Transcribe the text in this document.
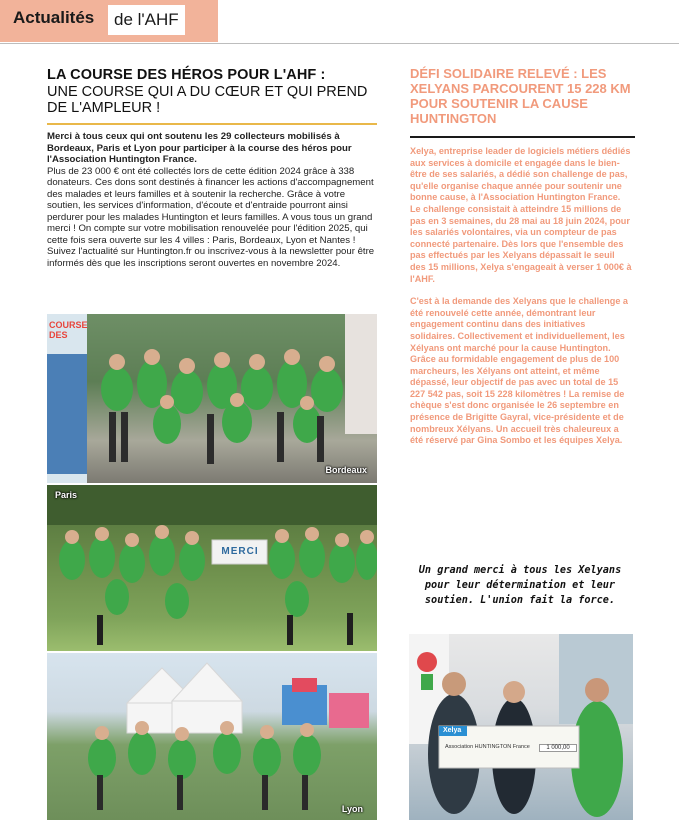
Actualités	de l'AHF
LA COURSE DES HÉROS POUR L'AHF :
UNE COURSE QUI A DU CŒUR ET QUI PREND DE L'AMPLEUR !
Merci à tous ceux qui ont soutenu les 29 collecteurs mobilisés à Bordeaux, Paris et Lyon pour participer à la course des héros pour l'Association Huntington France.
Plus de 23 000 € ont été collectés lors de cette édition 2024 grâce à 338 donateurs. Ces dons sont destinés à financer les actions d'accompagnement des malades et leurs familles et à soutenir la recherche. Grâce à votre soutien, les services d'information, d'écoute et d'entraide pourront ainsi perdurer pour les malades Huntington et leurs familles. A vous tous un grand merci ! On compte sur votre mobilisation renouvelée pour l'édition 2025, qui cette fois sera ouverte sur les 4 villes : Paris, Bordeaux, Lyon et Nantes ! Suivez l'actualité sur Huntington.fr ou inscrivez-vous à la newsletter pour être informés dès que les inscriptions seront ouvertes en novembre 2024.
COURSE DES
Bordeaux
MERCI
Paris
Lyon
DÉFI SOLIDAIRE RELEVÉ : LES XELYANS PARCOURENT 15 228 KM POUR SOUTENIR LA CAUSE HUNTINGTON

Xelya, entreprise leader de logiciels métiers dédiés aux services à domicile et engagée dans le bien-être de ses salariés, a dédié son challenge de pas, qu'elle organise chaque année pour soutenir une bonne cause, à l'Association Huntington France. Le challenge consistait à atteindre 15 millions de pas en 3 semaines, du 28 mai au 18 juin 2024, pour les salariés volontaires, via un compteur de pas connecté partenaire. Dès lors que l'ensemble des pas effectués par les Xelyans dépassait le seuil des 15 millions, Xelya s'engageait à verser 1 000€ à l'AHF.

C'est à la demande des Xelyans que le challenge a été renouvelé cette année, démontrant leur engagement continu dans des initiatives solidaires. Collectivement et individuellement, les Xélyans ont marché pour la cause Huntington. Grâce au formidable engagement de plus de 100 marcheurs, les Xélyans ont atteint, et même dépassé, leur objectif de pas avec un total de 15 227 542 pas, soit 15 228 kilomètres ! La remise de chèque s'est donc organisée le 26 septembre en présence de Brigitte Gayral, vice-présidente et de nombreux Xélyans. Un accueil très chaleureux a été réservé par Gina Sombo et les équipes Xelya.

Un grand merci à tous les Xelyans pour leur détermination et leur soutien. L'union fait la force.
Xelya
Association HUNTINGTON France	1 000,00
